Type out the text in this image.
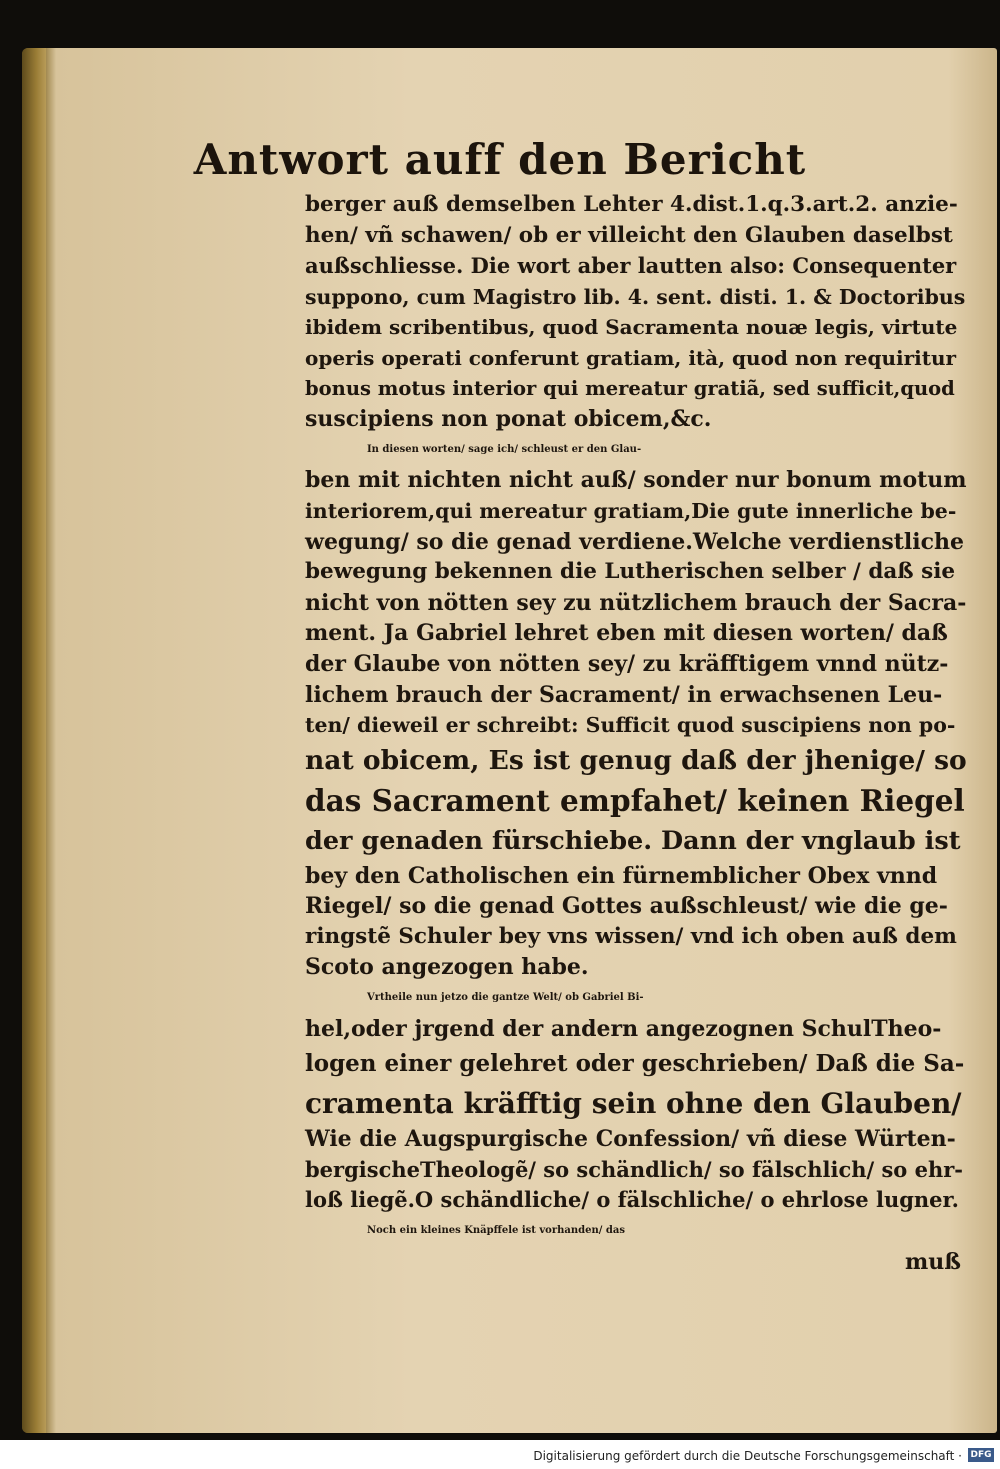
Antwort auff den Bericht
berger auß demselben Lehter 4.dist.1.q.3.art.2. anzie-
hen/ vñ schawen/ ob er villeicht den Glauben daselbst
außschliesse. Die wort aber lautten also: Consequenter
suppono, cum Magistro lib. 4. sent. disti. 1. & Doctoribus
ibidem scribentibus, quod Sacramenta nouæ legis, virtute
operis operati conferunt gratiam, ità, quod non requiritur
bonus motus interior qui mereatur gratiã, sed sufficit,quod
suscipiens non ponat obicem,&c.
In diesen worten/ sage ich/ schleust er den Glau-
ben mit nichten nicht auß/ sonder nur bonum motum
interiorem,qui mereatur gratiam,Die gute innerliche be-
wegung/ so die genad verdiene.Welche verdienstliche
bewegung bekennen die Lutherischen selber / daß sie
nicht von nötten sey zu nützlichem brauch der Sacra-
ment. Ja Gabriel lehret eben mit diesen worten/ daß
der Glaube von nötten sey/ zu kräfftigem vnnd nütz-
lichem brauch der Sacrament/ in erwachsenen Leu-
ten/ dieweil er schreibt: Sufficit quod suscipiens non po-
nat obicem, Es ist genug daß der jhenige/ so
das Sacrament empfahet/ keinen Riegel
der genaden fürschiebe. Dann der vnglaub ist
bey den Catholischen ein fürnemblicher Obex vnnd
Riegel/ so die genad Gottes außschleust/ wie die ge-
ringstẽ Schuler bey vns wissen/ vnd ich oben auß dem
Scoto angezogen habe.
Vrtheile nun jetzo die gantze Welt/ ob Gabriel Bi-
hel,oder jrgend der andern angezognen SchulTheo-
logen einer gelehret oder geschrieben/ Daß die Sa-
cramenta kräfftig sein ohne den Glauben/
Wie die Augspurgische Confession/ vñ diese Würten-
bergischeTheologẽ/ so schändlich/ so fälschlich/ so ehr-
loß liegẽ.O schändliche/ o fälschliche/ o ehrlose lugner.
Noch ein kleines Knäpffele ist vorhanden/ das
muß
Digitalisierung gefördert durch die Deutsche Forschungsgemeinschaft · DFG
